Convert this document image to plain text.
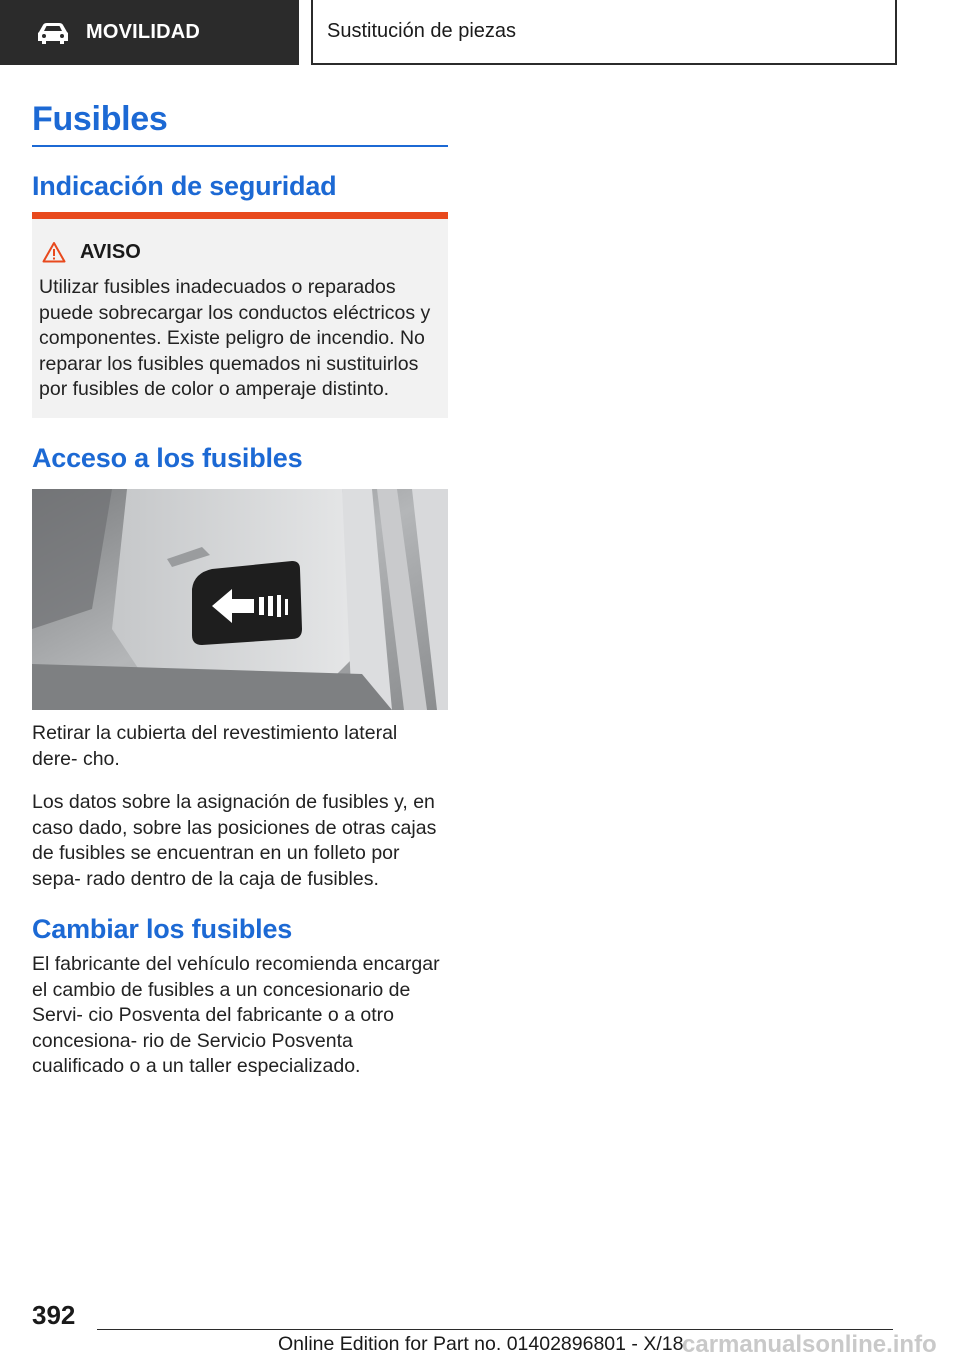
MOVILIDAD	Sustitución de piezas
Fusibles
Indicación de seguridad
AVISO

Utilizar fusibles inadecuados o reparados puede sobrecargar los conductos eléctricos y componentes. Existe peligro de incendio. No reparar los fusibles quemados ni sustituirlos por fusibles de color o amperaje distinto.

Acceso a los fusibles

Retirar la cubierta del revestimiento lateral dere‐ cho.

Los datos sobre la asignación de fusibles y, en caso dado, sobre las posiciones de otras cajas de fusibles se encuentran en un folleto por sepa‐ rado dentro de la caja de fusibles.

Cambiar los fusibles

El fabricante del vehículo recomienda encargar el cambio de fusibles a un concesionario de Servi‐ cio Posventa del fabricante o a otro concesiona‐ rio de Servicio Posventa cualificado o a un taller especializado.

392
Online Edition for Part no. 01402896801 - X/18
carmanualsonline.info
